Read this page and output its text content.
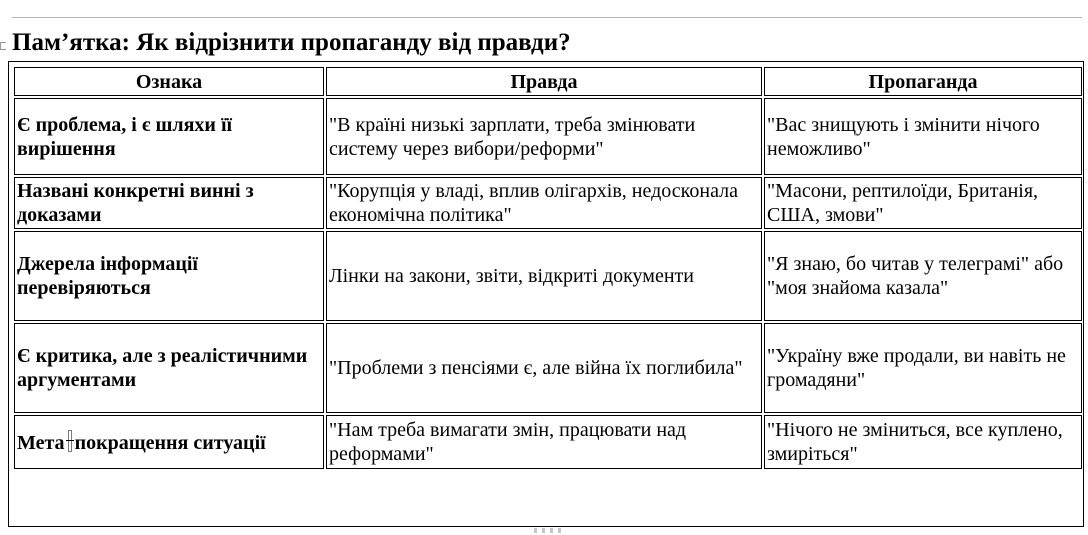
Пам’ятка: Як відрізнити пропаганду від правди?
Ознака	Правда	Пропаганда
Є проблема, і є шляхи її вирішення	"В країні низькі зарплати, треба змінювати систему через вибори/реформи"	"Вас знищують і змінити нічого неможливо"
Названі конкретні винні з доказами	"Корупція у владі, вплив олігархів, недосконала економічна політика"	"Масони, рептилоїди, Британія, США, змови"
Джерела інформації перевіряються	Лінки на закони, звіти, відкриті документи	"Я знаю, бо читав у телеграмі" або "моя знайома казала"
Є критика, але з реалістичними аргументами	"Проблеми з пенсіями є, але війна їх поглибила"	"Україну вже продали, ви навіть не громадяни"
Мета покращення ситуації	"Нам треба вимагати змін, працювати над реформами"	"Нічого не зміниться, все куплено, змиріться"
